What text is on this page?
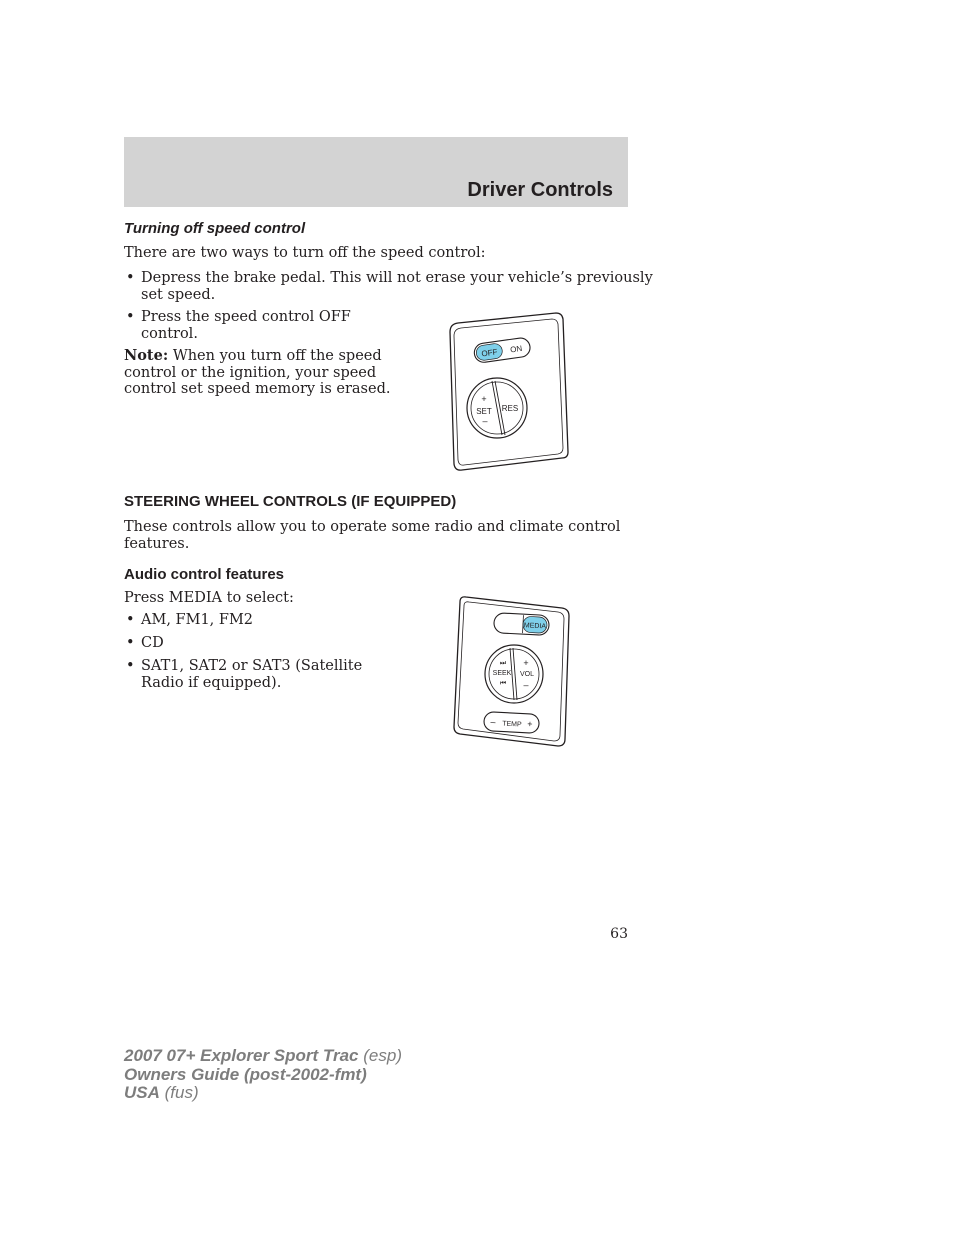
Driver Controls
Turning off speed control
There are two ways to turn off the speed control:
• Depress the brake pedal. This will not erase your vehicle’s previously
set speed.
• Press the speed control OFF
control.
Note: When you turn off the speed
control or the ignition, your speed
control set speed memory is erased.
OFF ON
+
SET
–
RES
STEERING WHEEL CONTROLS (IF EQUIPPED)
These controls allow you to operate some radio and climate control
features.
Audio control features
Press MEDIA to select:
• AM, FM1, FM2
• CD
• SAT1, SAT2 or SAT3 (Satellite
Radio if equipped).
MEDIA
⏭
SEEK
⏮
+
VOL
–
– TEMP +
63
2007 07+ Explorer Sport Trac (esp)
Owners Guide (post-2002-fmt)
USA (fus)
